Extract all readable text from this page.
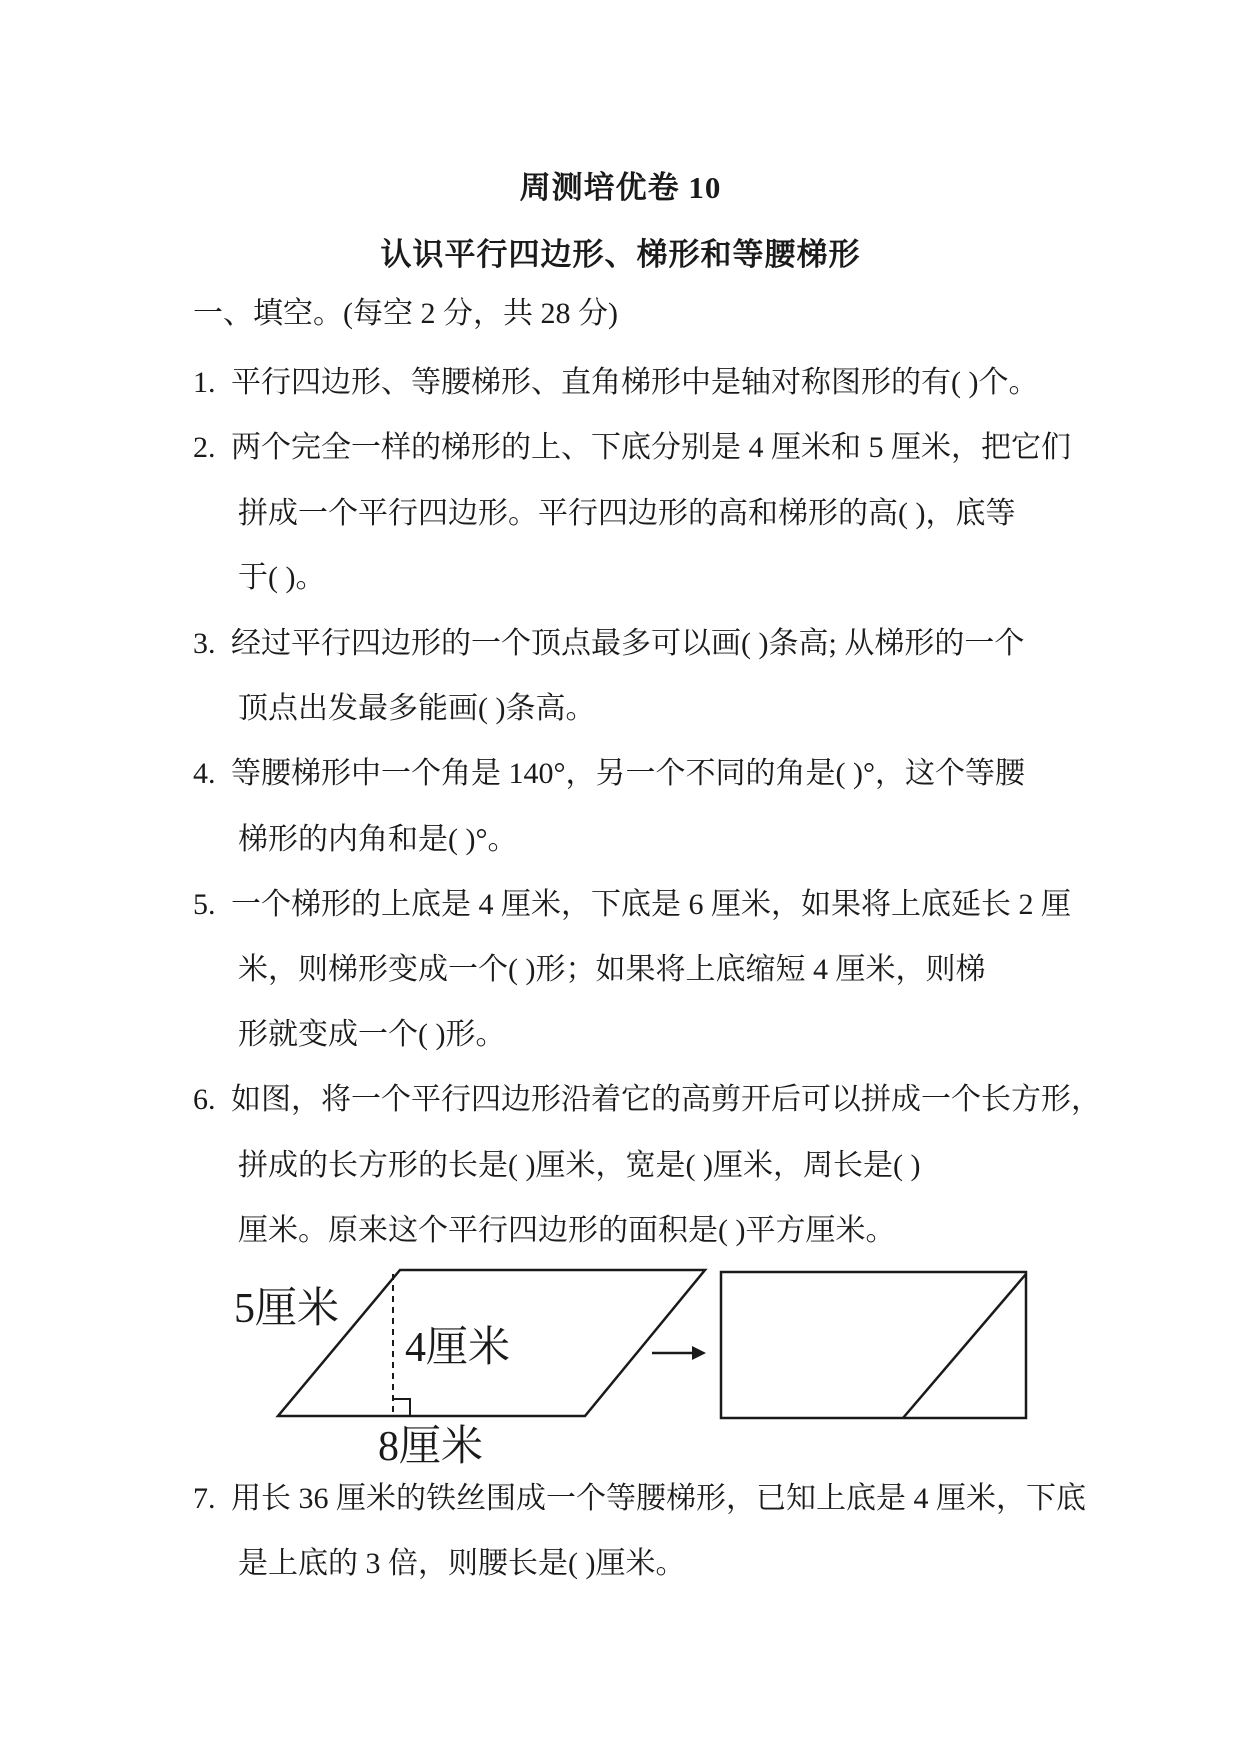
周测培优卷 10
认识平行四边形、梯形和等腰梯形
一、填空。(每空 2 分，共 28 分)
1. 平行四边形、等腰梯形、直角梯形中是轴对称图形的有( )个。
2. 两个完全一样的梯形的上、下底分别是 4 厘米和 5 厘米，把它们
拼成一个平行四边形。平行四边形的高和梯形的高( )，底等
于( )。
3. 经过平行四边形的一个顶点最多可以画( )条高; 从梯形的一个
顶点出发最多能画( )条高。
4. 等腰梯形中一个角是 140°，另一个不同的角是( )°，这个等腰
梯形的内角和是( )°。
5. 一个梯形的上底是 4 厘米，下底是 6 厘米，如果将上底延长 2 厘
米，则梯形变成一个( )形；如果将上底缩短 4 厘米，则梯
形就变成一个( )形。
6. 如图，将一个平行四边形沿着它的高剪开后可以拼成一个长方形，
拼成的长方形的长是( )厘米，宽是( )厘米，周长是( )
厘米。原来这个平行四边形的面积是( )平方厘米。
5厘米
4厘米
8厘米
7. 用长 36 厘米的铁丝围成一个等腰梯形，已知上底是 4 厘米，下底
是上底的 3 倍，则腰长是( )厘米。
